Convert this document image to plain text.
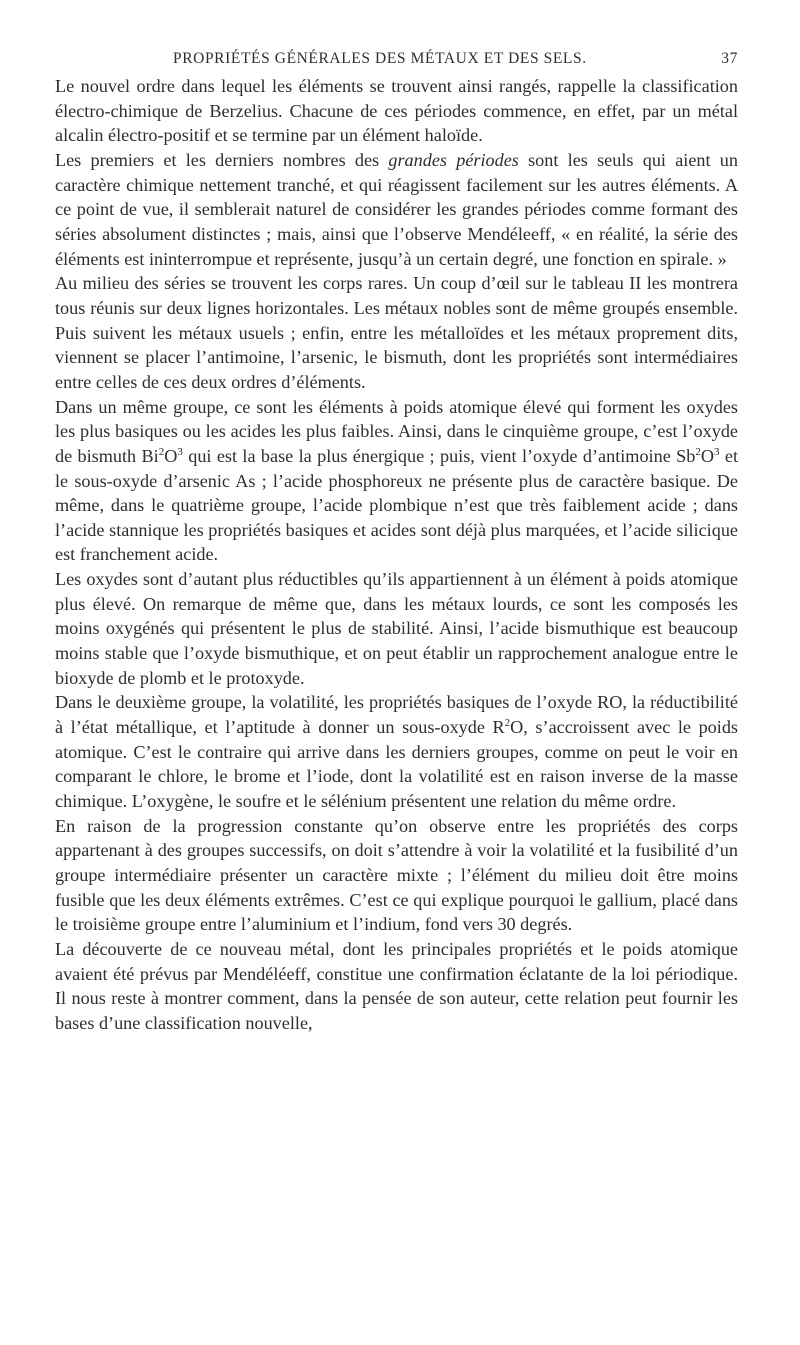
PROPRIÉTÉS GÉNÉRALES DES MÉTAUX ET DES SELS.	37

Le nouvel ordre dans lequel les éléments se trouvent ainsi rangés, rappelle la classification électro-chimique de Berzelius. Chacune de ces périodes commence, en effet, par un métal alcalin électro-positif et se termine par un élément haloïde.

Les premiers et les derniers nombres des grandes périodes sont les seuls qui aient un caractère chimique nettement tranché, et qui réagissent facilement sur les autres éléments. A ce point de vue, il semblerait naturel de considérer les grandes périodes comme formant des séries absolument distinctes ; mais, ainsi que l’observe Mendéleeff, « en réalité, la série des éléments est ininterrompue et représente, jusqu’à un certain degré, une fonction en spirale. »

Au milieu des séries se trouvent les corps rares. Un coup d’œil sur le tableau II les montrera tous réunis sur deux lignes horizontales. Les métaux nobles sont de même groupés ensemble. Puis suivent les métaux usuels ; enfin, entre les métalloïdes et les métaux proprement dits, viennent se placer l’antimoine, l’arsenic, le bismuth, dont les propriétés sont intermédiaires entre celles de ces deux ordres d’éléments.

Dans un même groupe, ce sont les éléments à poids atomique élevé qui forment les oxydes les plus basiques ou les acides les plus faibles. Ainsi, dans le cinquième groupe, c’est l’oxyde de bismuth $Bi^2O^3$ qui est la base la plus énergique ; puis, vient l’oxyde d’antimoine $Sb^2O^3$ et le sous-oxyde d’arsenic As ; l’acide phosphoreux ne présente plus de caractère basique. De même, dans le quatrième groupe, l’acide plombique n’est que très faiblement acide ; dans l’acide stannique les propriétés basiques et acides sont déjà plus marquées, et l’acide silicique est franchement acide.

Les oxydes sont d’autant plus réductibles qu’ils appartiennent à un élément à poids atomique plus élevé. On remarque de même que, dans les métaux lourds, ce sont les composés les moins oxygénés qui présentent le plus de stabilité. Ainsi, l’acide bismuthique est beaucoup moins stable que l’oxyde bismuthique, et on peut établir un rapprochement analogue entre le bioxyde de plomb et le protoxyde.

Dans le deuxième groupe, la volatilité, les propriétés basiques de l’oxyde RO, la réductibilité à l’état métallique, et l’aptitude à donner un sous-oxyde $R^2O$, s’accroissent avec le poids atomique. C’est le contraire qui arrive dans les derniers groupes, comme on peut le voir en comparant le chlore, le brome et l’iode, dont la volatilité est en raison inverse de la masse chimique. L’oxygène, le soufre et le sélénium présentent une relation du même ordre.

En raison de la progression constante qu’on observe entre les propriétés des corps appartenant à des groupes successifs, on doit s’attendre à voir la volatilité et la fusibilité d’un groupe intermédiaire présenter un caractère mixte ; l’élément du milieu doit être moins fusible que les deux éléments extrêmes. C’est ce qui explique pourquoi le gallium, placé dans le troisième groupe entre l’aluminium et l’indium, fond vers 30 degrés.

La découverte de ce nouveau métal, dont les principales propriétés et le poids atomique avaient été prévus par Mendéléeff, constitue une confirmation éclatante de la loi périodique. Il nous reste à montrer comment, dans la pensée de son auteur, cette relation peut fournir les bases d’une classification nouvelle,
